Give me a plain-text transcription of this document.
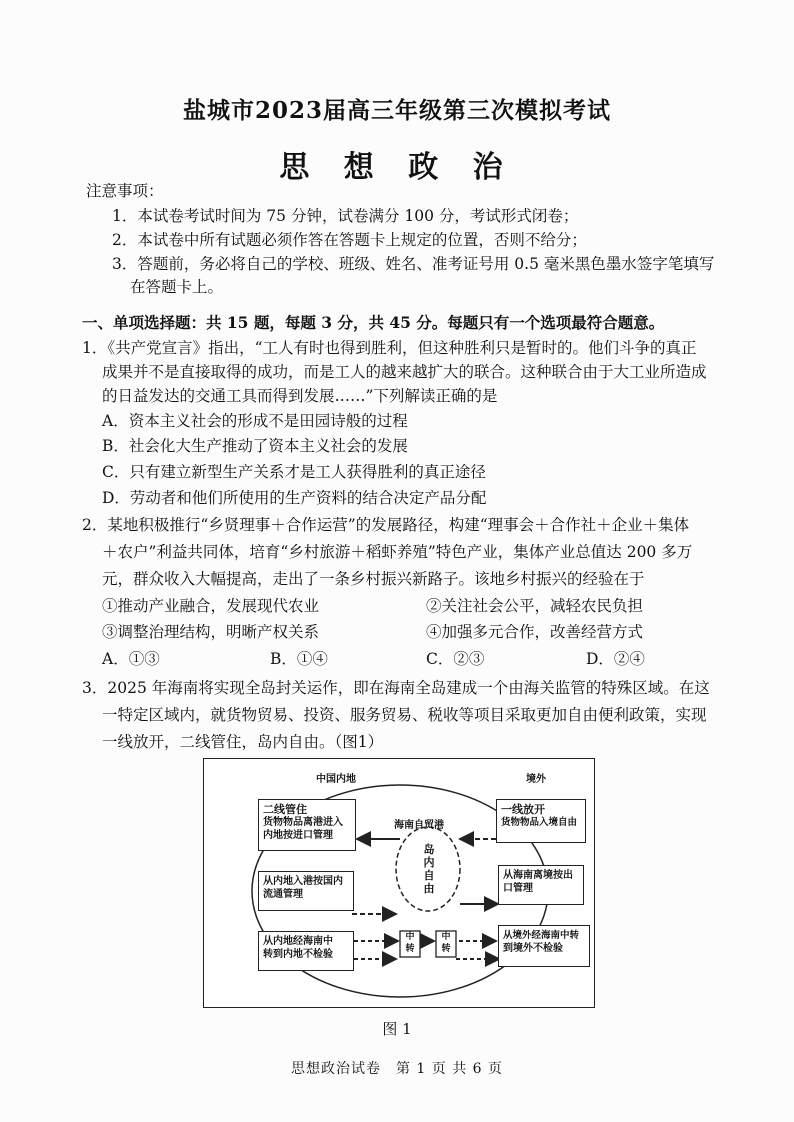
盐城市2023届高三年级第三次模拟考试
思 想 政 治
注意事项：
1．本试卷考试时间为 75 分钟，试卷满分 100 分，考试形式闭卷；
2．本试卷中所有试题必须作答在答题卡上规定的位置，否则不给分；
3．答题前，务必将自己的学校、班级、姓名、准考证号用 0.5 毫米黑色墨水签字笔填写
在答题卡上。
一、单项选择题：共 15 题，每题 3 分，共 45 分。每题只有一个选项最符合题意。
1．《共产党宣言》指出，“工人有时也得到胜利，但这种胜利只是暂时的。他们斗争的真正
成果并不是直接取得的成功，而是工人的越来越扩大的联合。这种联合由于大工业所造成
的日益发达的交通工具而得到发展……”下列解读正确的是
A．资本主义社会的形成不是田园诗般的过程
B．社会化大生产推动了资本主义社会的发展
C．只有建立新型生产关系才是工人获得胜利的真正途径
D．劳动者和他们所使用的生产资料的结合决定产品分配
2．某地积极推行“乡贤理事＋合作运营”的发展路径，构建“理事会＋合作社＋企业＋集体
＋农户”利益共同体，培育“乡村旅游＋稻虾养殖”特色产业，集体产业总值达 200 多万
元，群众收入大幅提高，走出了一条乡村振兴新路子。该地乡村振兴的经验在于
①推动产业融合，发展现代农业	②关注社会公平，减轻农民负担
③调整治理结构，明晰产权关系	④加强多元合作，改善经营方式
A．①③	B．①④	C．②③	D．②④
3．2025 年海南将实现全岛封关运作，即在海南全岛建成一个由海关监管的特殊区域。在这
一特定区域内，就货物贸易、投资、服务贸易、税收等项目采取更加自由便利政策，实现
一线放开，二线管住，岛内自由。（图1）
中国内地	境外
海南自贸港
二线管住
货物物品离港进入
内地按进口管理
从内地入港按国内
流通管理
从内地经海南中
转到内地不检验
一线放开
货物物品入境自由
从海南离境按出
口管理
从境外经海南中转
到境外不检验
岛内自由
中转
中转
图 1
思想政治试卷　第 1 页 共 6 页
